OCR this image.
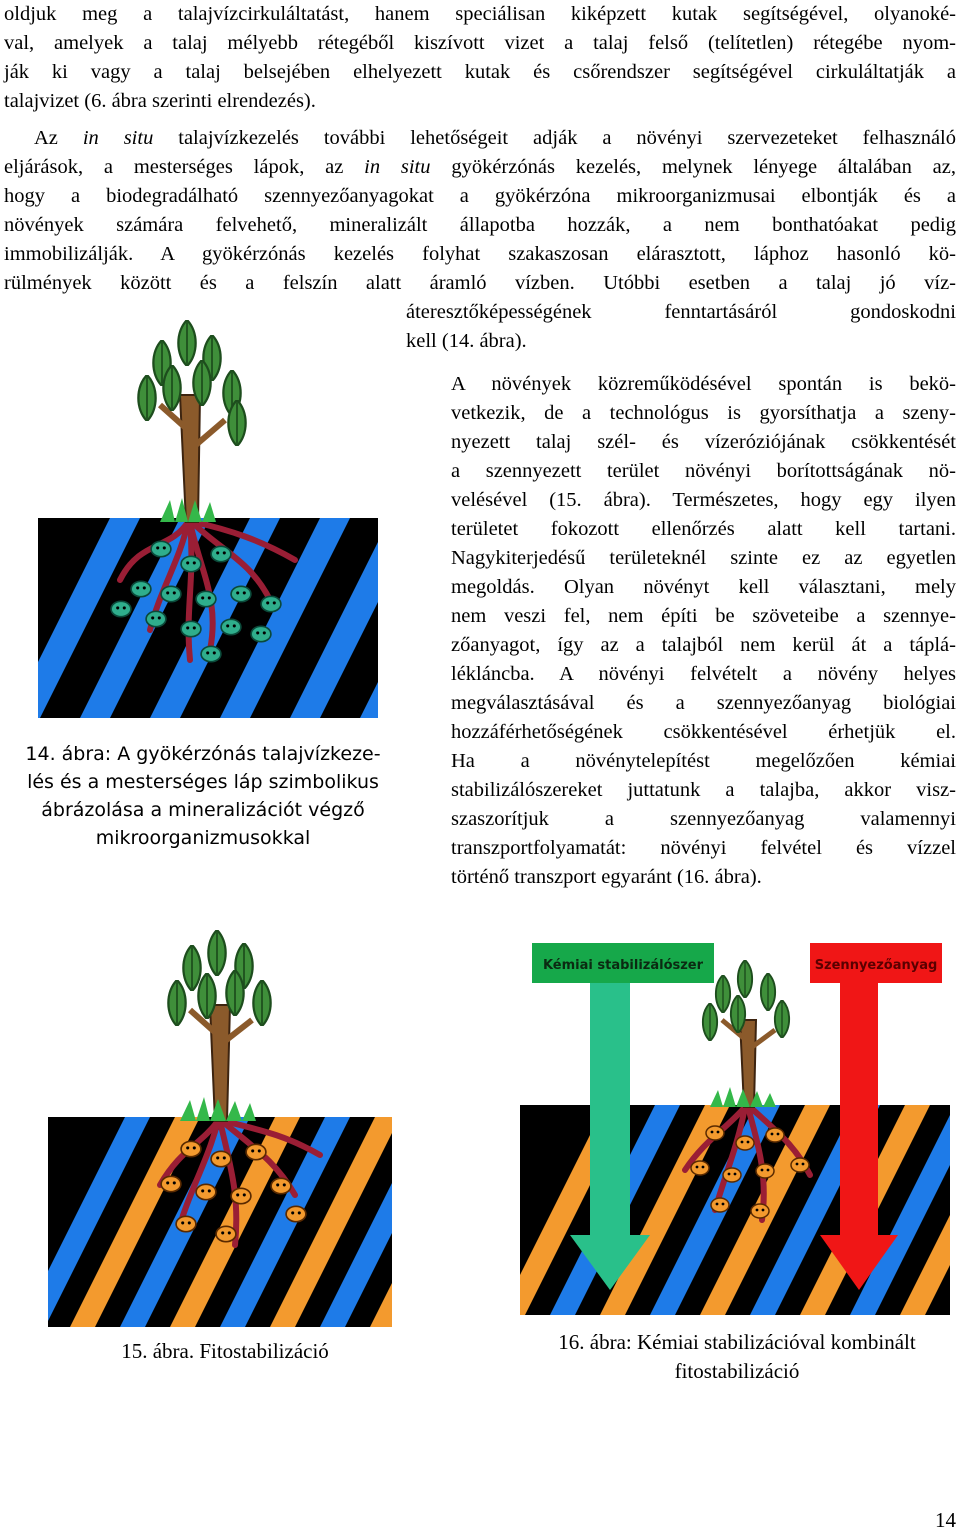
oldjuk meg a talajvízcirkuláltatást, hanem speciálisan kiképzett kutak segítségével, olyanoké-
val, amelyek a talaj mélyebb rétegéből kiszívott vizet a talaj felső (telítetlen) rétegébe nyom-
ják ki vagy a talaj belsejében elhelyezett kutak és csőrendszer segítségével cirkuláltatják a
talajvizet (6. ábra szerinti elrendezés).
Az in situ talajvízkezelés további lehetőségeit adják a növényi szervezeteket felhasználó
eljárások, a mesterséges lápok, az in situ gyökérzónás kezelés, melynek lényege általában az,
hogy a biodegradálható szennyezőanyagokat a gyökérzóna mikroorganizmusai elbontják és a
növények számára felvehető, mineralizált állapotba hozzák, a nem bonthatóakat pedig
immobilizálják. A gyökérzónás kezelés folyhat szakaszosan elárasztott, láphoz hasonló kö-
rülmények között és a felszín alatt áramló vízben. Utóbbi esetben a talaj jó víz-
áteresztőképességének fenntartásáról gondoskodni
kell (14. ábra).
A növények közreműködésével spontán is bekö-
vetkezik, de a technológus is gyorsíthatja a szeny-
nyezett talaj szél- és vízeróziójának csökkentését
a szennyezett terület növényi borítottságának nö-
velésével (15. ábra). Természetes, hogy egy ilyen
területet fokozott ellenőrzés alatt kell tartani.
Nagykiterjedésű területeknél szinte ez az egyetlen
megoldás. Olyan növényt kell választani, mely
nem veszi fel, nem építi be szöveteibe a szennye-
zőanyagot, így az a talajból nem kerül át a táplá-
lékláncba. A növényi felvételt a növény helyes
megválasztásával és a szennyezőanyag biológiai
hozzáférhetőségének csökkentésével érhetjük el.
Ha a növénytelepítést megelőzően kémiai
stabilizálószereket juttatunk a talajba, akkor visz-
szaszorítjuk a szennyezőanyag valamennyi
transzportfolyamatát: növényi felvétel és vízzel
történő transzport egyaránt (16. ábra).
14. ábra: A gyökérzónás talajvízkeze-
lés és a mesterséges láp szimbolikus
ábrázolása a mineralizációt végző
mikroorganizmusokkal
15. ábra. Fitostabilizáció
Kémiai stabilizálószer	Szennyezőanyag
16. ábra: Kémiai stabilizációval kombinált
fitostabilizáció
14
